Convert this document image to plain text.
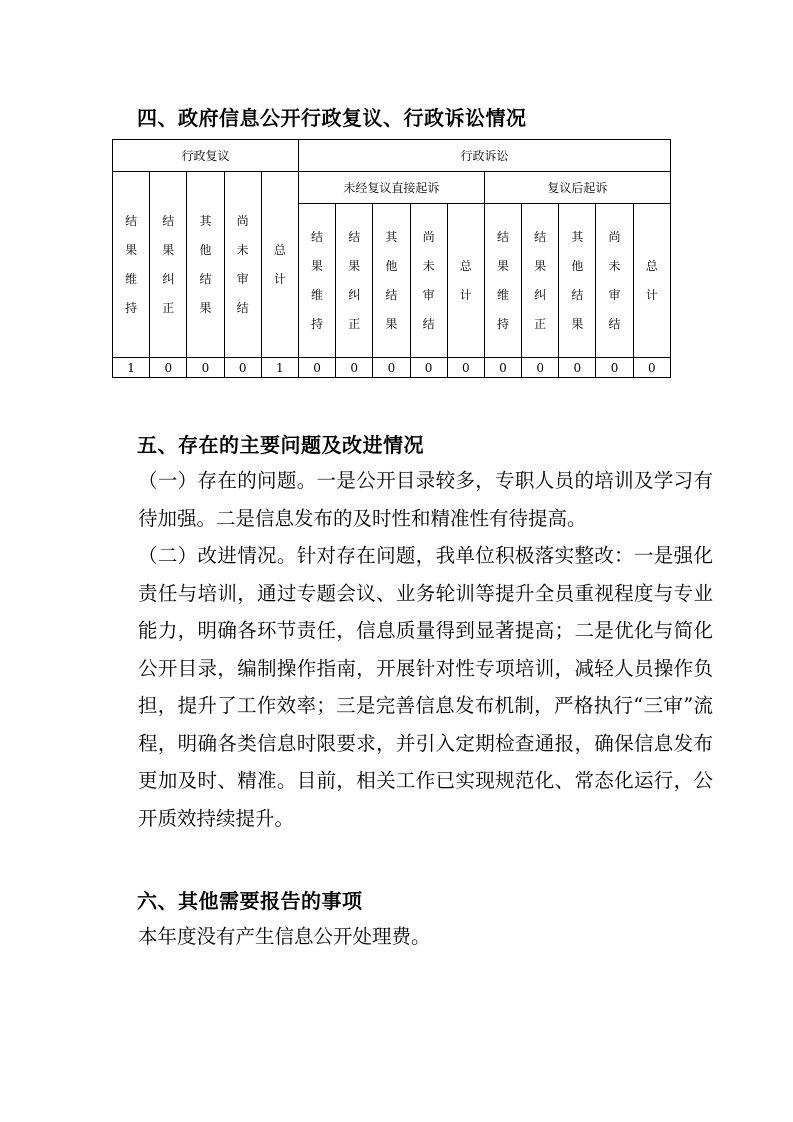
四、政府信息公开行政复议、行政诉讼情况
行政复议					行政诉讼									
结果维持	结果纠正	其他结果	尚未审结	总计	未经复议直接起诉					复议后起诉				
					结果维持	结果纠正	其他结果	尚未审结	总计	结果维持	结果纠正	其他结果	尚未审结	总计
1	0	0	0	1	0	0	0	0	0	0	0	0	0	0
五、存在的主要问题及改进情况

（一）存在的问题。一是公开目录较多，专职人员的培训及学习有待加强。二是信息发布的及时性和精准性有待提高。

（二）改进情况。针对存在问题，我单位积极落实整改：一是强化责任与培训，通过专题会议、业务轮训等提升全员重视程度与专业能力，明确各环节责任，信息质量得到显著提高；二是优化与简化公开目录，编制操作指南，开展针对性专项培训，减轻人员操作负担，提升了工作效率；三是完善信息发布机制，严格执行“三审”流程，明确各类信息时限要求，并引入定期检查通报，确保信息发布更加及时、精准。目前，相关工作已实现规范化、常态化运行，公开质效持续提升。

六、其他需要报告的事项

本年度没有产生信息公开处理费。
